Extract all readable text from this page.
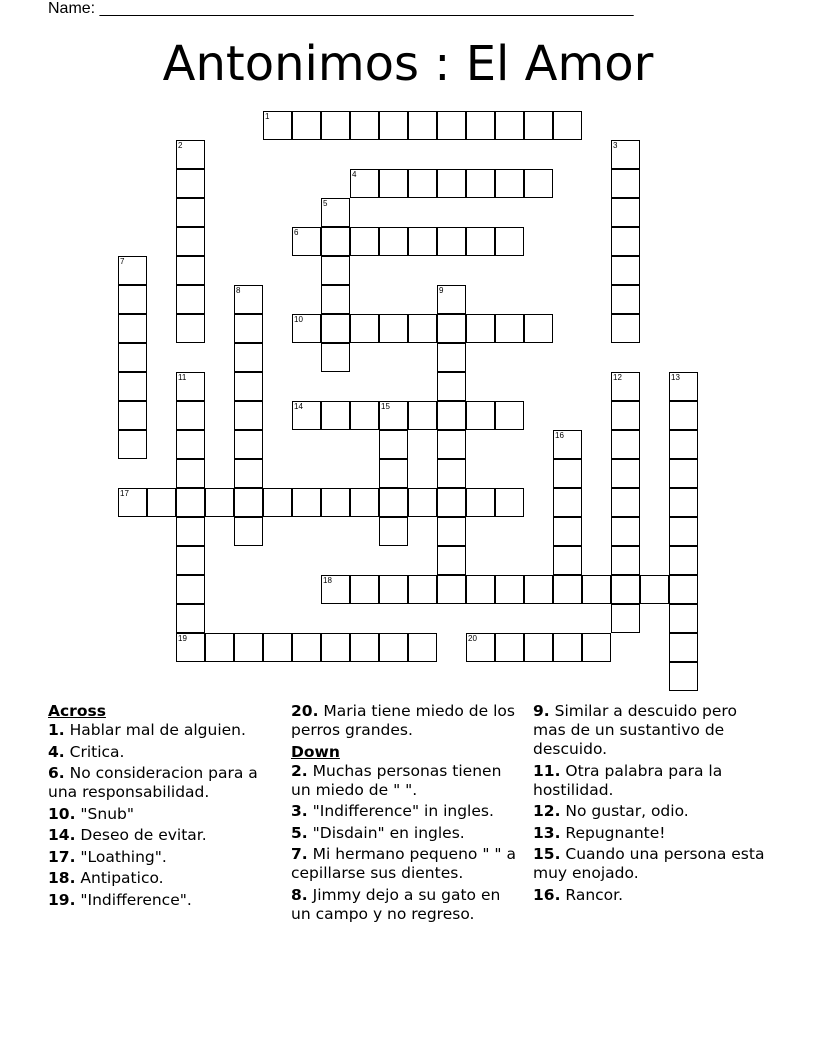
Name: ____________________________________________________________
Antonimos : El Amor
1
4
6
10
14	15
17
18
19	20
2	3
5
7
8	9
11	12	13
16
Across
1. Hablar mal de alguien.
4. Critica.
6. No consideracion para a una responsabilidad.
10. "Snub"
14. Deseo de evitar.
17. "Loathing".
18. Antipatico.
19. "Indifference".
20. Maria tiene miedo de los perros grandes.
Down
2. Muchas personas tienen un miedo de " ".
3. "Indifference" in ingles.
5. "Disdain" en ingles.
7. Mi hermano pequeno " " a cepillarse sus dientes.
8. Jimmy dejo a su gato en un campo y no regreso.
9. Similar a descuido pero mas de un sustantivo de descuido.
11. Otra palabra para la hostilidad.
12. No gustar, odio.
13. Repugnante!
15. Cuando una persona esta muy enojado.
16. Rancor.
